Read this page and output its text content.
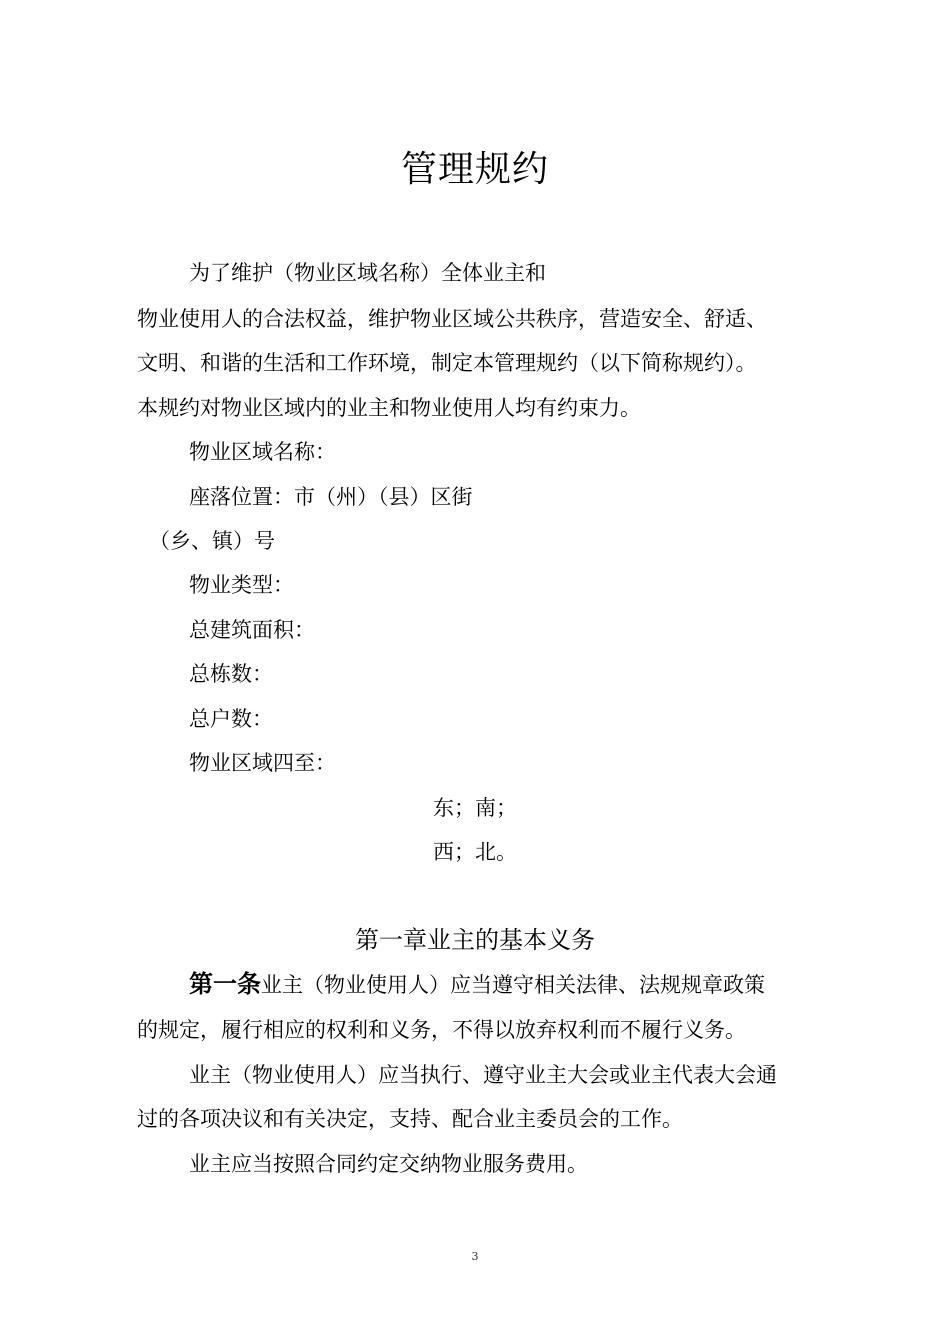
管理规约
为了维护（物业区域名称）全体业主和
物业使用人的合法权益，维护物业区域公共秩序，营造安全、舒适、
文明、和谐的生活和工作环境，制定本管理规约（以下简称规约）。
本规约对物业区域内的业主和物业使用人均有约束力。
物业区域名称：
座落位置：市（州）（县）区街
（乡、镇）号
物业类型：
总建筑面积：
总栋数：
总户数：
物业区域四至：
东；南；
西；北。
第一章业主的基本义务
第一条业主（物业使用人）应当遵守相关法律、法规规章政策
的规定，履行相应的权利和义务，不得以放弃权利而不履行义务。
业主（物业使用人）应当执行、遵守业主大会或业主代表大会通
过的各项决议和有关决定，支持、配合业主委员会的工作。
业主应当按照合同约定交纳物业服务费用。
3
